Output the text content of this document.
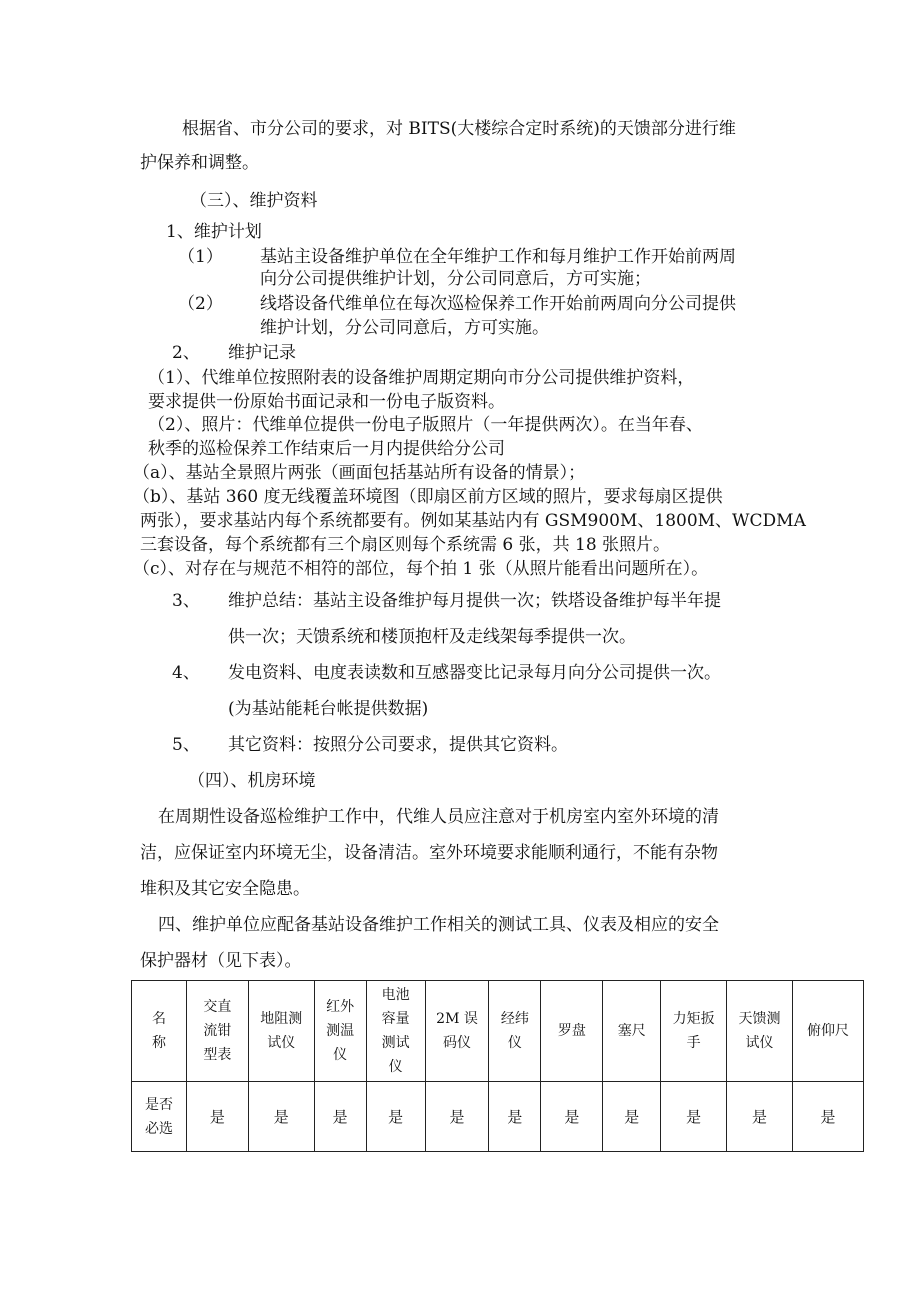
根据省、市分公司的要求，对 BITS(大楼综合定时系统)的天馈部分进行维
护保养和调整。
（三）、维护资料
1、维护计划
（1） 基站主设备维护单位在全年维护工作和每月维护工作开始前两周
向分公司提供维护计划，分公司同意后，方可实施；
（2） 线塔设备代维单位在每次巡检保养工作开始前两周向分公司提供
维护计划，分公司同意后，方可实施。
2、 维护记录
（1）、代维单位按照附表的设备维护周期定期向市分公司提供维护资料，
要求提供一份原始书面记录和一份电子版资料。
（2）、照片：代维单位提供一份电子版照片（一年提供两次）。在当年春、
秋季的巡检保养工作结束后一月内提供给分公司
（a）、基站全景照片两张（画面包括基站所有设备的情景）；
（b）、基站 360 度无线覆盖环境图（即扇区前方区域的照片，要求每扇区提供
两张），要求基站内每个系统都要有。例如某基站内有 GSM900M、1800M、WCDMA
三套设备，每个系统都有三个扇区则每个系统需 6 张，共 18 张照片。
（c）、对存在与规范不相符的部位，每个拍 1 张（从照片能看出问题所在）。
3、 维护总结：基站主设备维护每月提供一次；铁塔设备维护每半年提
供一次；天馈系统和楼顶抱杆及走线架每季提供一次。
4、 发电资料、电度表读数和互感器变比记录每月向分公司提供一次。
(为基站能耗台帐提供数据)
5、 其它资料：按照分公司要求，提供其它资料。
（四）、机房环境
在周期性设备巡检维护工作中，代维人员应注意对于机房室内室外环境的清
洁，应保证室内环境无尘，设备清洁。室外环境要求能顺利通行，不能有杂物
堆积及其它安全隐患。
四、维护单位应配备基站设备维护工作相关的测试工具、仪表及相应的安全
保护器材（见下表）。
名
称	交直
流钳
型表	地阻测
试仪	红外
测温
仪	电池
容量
测试
仪	2M 误
码仪	经纬
仪	罗盘	塞尺	力矩扳
手	天馈测
试仪	俯仰尺
是否
必选	是	是	是	是	是	是	是	是	是	是	是
